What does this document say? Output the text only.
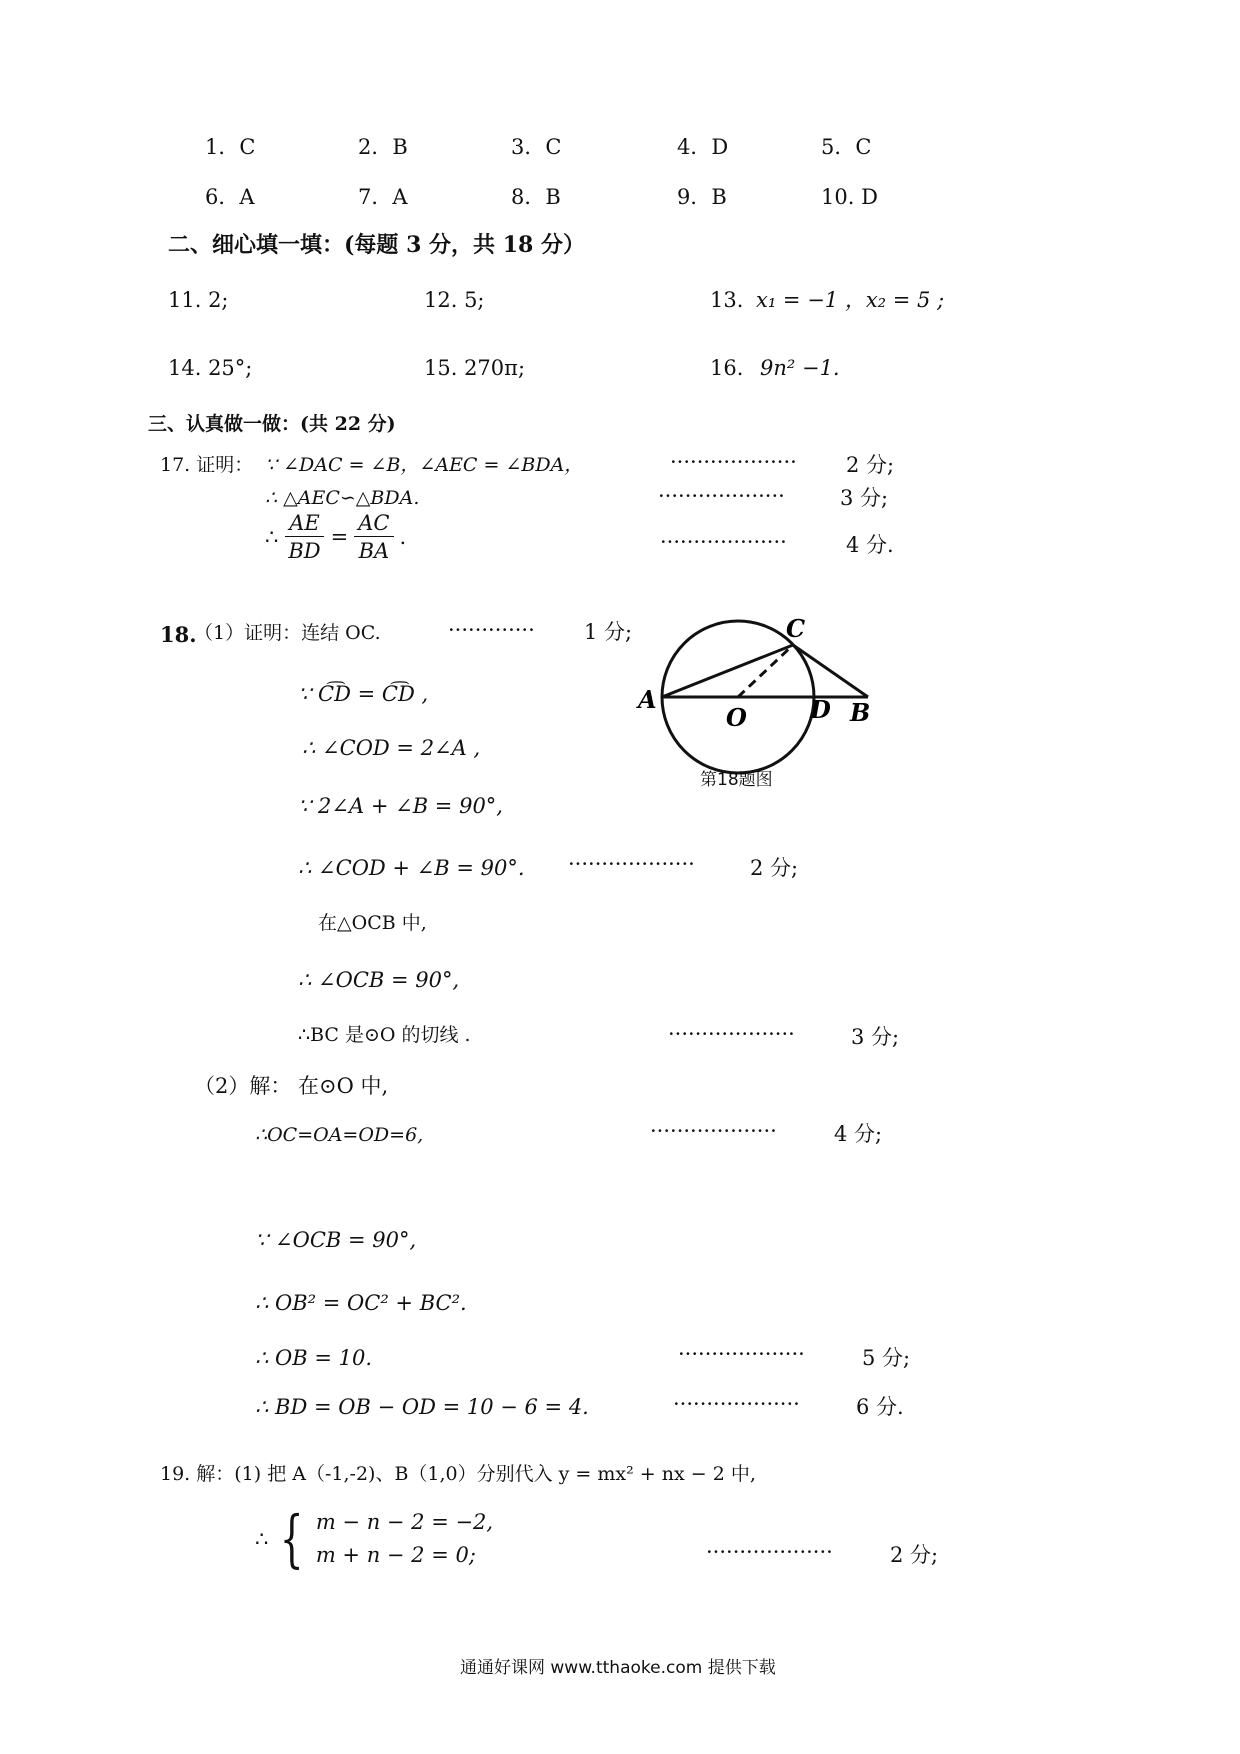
1．C	2．B	3．C	4．D	5．C
6．A	7．A	8．B	9．B	10. D
二、细心填一填：(每题 3 分，共 18 分）
11. 2;	12. 5;	13. x₁ = −1 ，x₂ = 5 ;
14. 25°;	15. 270π;	16. 9n² −1.
三、认真做一做：(共 22 分)
17. 证明： ∵ ∠DAC = ∠B，∠AEC = ∠BDA，	··················· 2 分;
∴ △AEC∽△BDA.	···················	3 分;
∴ $\frac{AE}{BD} = \frac{AC}{BA}$ .	···················	4 分.
18.
（1）证明：连结 OC.	············· 1 分;
∵ C͡D = C͡D ,
∴ ∠COD = 2∠A ,
∵ 2∠A + ∠B = 90°,
∴ ∠COD + ∠B = 90°. ···················	2 分;
在△OCB 中,
∴ ∠OCB = 90°,
∴BC 是⊙O 的切线 .	···················	3 分;
（2）解： 在⊙O 中,
∴OC=OA=OD=6,	···················	4 分;
∵ ∠OCB = 90°,
∴ OB² = OC² + BC².
∴ OB = 10.	···················	5 分;
∴ BD = OB − OD = 10 − 6 = 4.	···················	6 分.
A
O	D B
C
第18题图
19. 解：(1) 把 A（-1,-2)、B（1,0）分别代入 y = mx² + nx − 2 中,
∴ { m − n − 2 = −2,
m + n − 2 = 0;	···················	2 分;
通通好课网 www.tthaoke.com 提供下载
